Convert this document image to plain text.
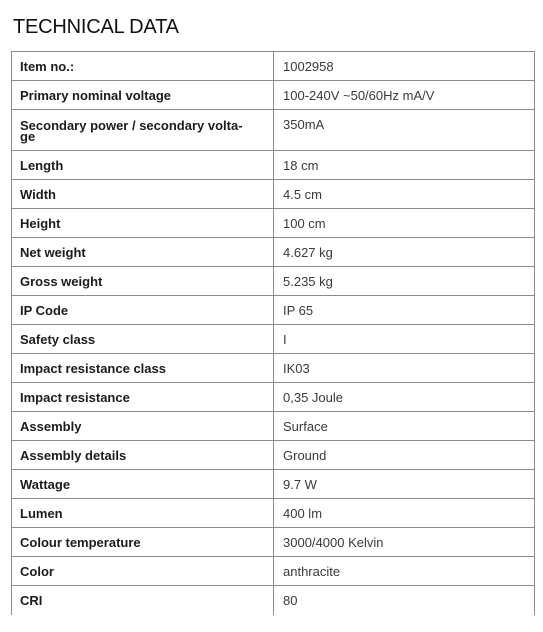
TECHNICAL DATA
Item no.:	1002958
Primary nominal voltage	100-240V ~50/60Hz mA/V
Secondary power / secondary volta-
ge	350mA
Length	18 cm
Width	4.5 cm
Height	100 cm
Net weight	4.627 kg
Gross weight	5.235 kg
IP Code	IP 65
Safety class	I
Impact resistance class	IK03
Impact resistance	0,35 Joule
Assembly	Surface
Assembly details	Ground
Wattage	9.7 W
Lumen	400 lm
Colour temperature	3000/4000 Kelvin
Color	anthracite
CRI	80
